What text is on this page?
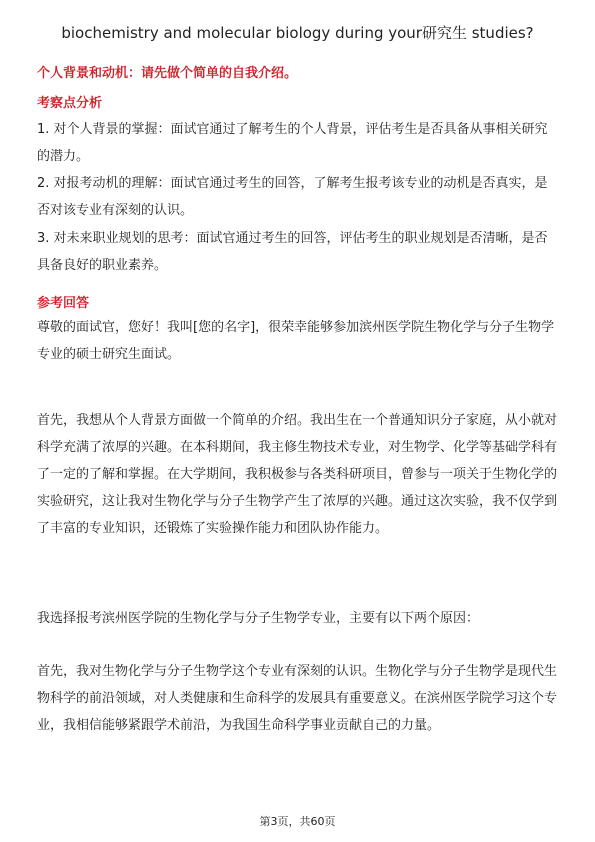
biochemistry and molecular biology during your研究生 studies?
个人背景和动机：请先做个简单的自我介绍。
考察点分析
1. 对个人背景的掌握：面试官通过了解考生的个人背景，评估考生是否具备从事相关研究的潜力。
2. 对报考动机的理解：面试官通过考生的回答，了解考生报考该专业的动机是否真实，是否对该专业有深刻的认识。
3. 对未来职业规划的思考：面试官通过考生的回答，评估考生的职业规划是否清晰，是否具备良好的职业素养。
参考回答
尊敬的面试官，您好！我叫[您的名字]，很荣幸能够参加滨州医学院生物化学与分子生物学专业的硕士研究生面试。
首先，我想从个人背景方面做一个简单的介绍。我出生在一个普通知识分子家庭，从小就对科学充满了浓厚的兴趣。在本科期间，我主修生物技术专业，对生物学、化学等基础学科有了一定的了解和掌握。在大学期间，我积极参与各类科研项目，曾参与一项关于生物化学的实验研究，这让我对生物化学与分子生物学产生了浓厚的兴趣。通过这次实验，我不仅学到了丰富的专业知识，还锻炼了实验操作能力和团队协作能力。
我选择报考滨州医学院的生物化学与分子生物学专业，主要有以下两个原因：
首先，我对生物化学与分子生物学这个专业有深刻的认识。生物化学与分子生物学是现代生物科学的前沿领域，对人类健康和生命科学的发展具有重要意义。在滨州医学院学习这个专业，我相信能够紧跟学术前沿，为我国生命科学事业贡献自己的力量。
第3页，共60页
